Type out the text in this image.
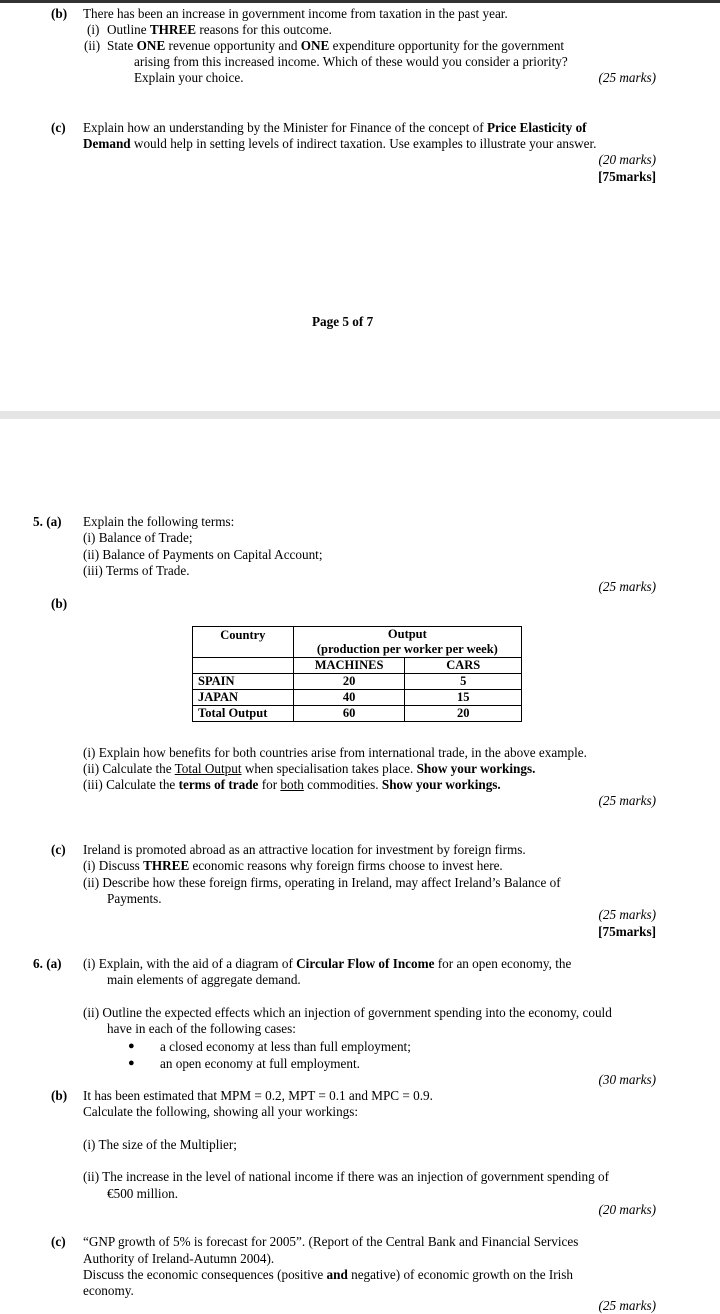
(b) There has been an increase in government income from taxation in the past year.
(i) Outline THREE reasons for this outcome.
(ii) State ONE revenue opportunity and ONE expenditure opportunity for the government
arising from this increased income. Which of these would you consider a priority?
Explain your choice.	(25 marks)
(c) Explain how an understanding by the Minister for Finance of the concept of Price Elasticity of
Demand would help in setting levels of indirect taxation. Use examples to illustrate your answer.
(20 marks)
[75marks]
Page 5 of 7
5. (a) Explain the following terms:
(i) Balance of Trade;
(ii) Balance of Payments on Capital Account;
(iii) Terms of Trade.
(25 marks)
(b)
Country	Output	
	(production per worker per week)	
	MACHINES	CARS
SPAIN	20	5
JAPAN	40	15
Total Output	60	20
(i) Explain how benefits for both countries arise from international trade, in the above example.
(ii) Calculate the Total Output when specialisation takes place. Show your workings.
(iii) Calculate the terms of trade for both commodities. Show your workings.
(25 marks)
(c) Ireland is promoted abroad as an attractive location for investment by foreign firms.
(i) Discuss THREE economic reasons why foreign firms choose to invest here.
(ii) Describe how these foreign firms, operating in Ireland, may affect Ireland’s Balance of
Payments.
(25 marks)
[75marks]
6. (a) (i) Explain, with the aid of a diagram of Circular Flow of Income for an open economy, the
main elements of aggregate demand.
(ii) Outline the expected effects which an injection of government spending into the economy, could
have in each of the following cases:
● a closed economy at less than full employment;
● an open economy at full employment.
(30 marks)
(b) It has been estimated that MPM = 0.2, MPT = 0.1 and MPC = 0.9.
Calculate the following, showing all your workings:
(i) The size of the Multiplier;
(ii) The increase in the level of national income if there was an injection of government spending of
€500 million.
(20 marks)
(c) “GNP growth of 5% is forecast for 2005”. (Report of the Central Bank and Financial Services
Authority of Ireland-Autumn 2004).
Discuss the economic consequences (positive and negative) of economic growth on the Irish
economy.
(25 marks)
